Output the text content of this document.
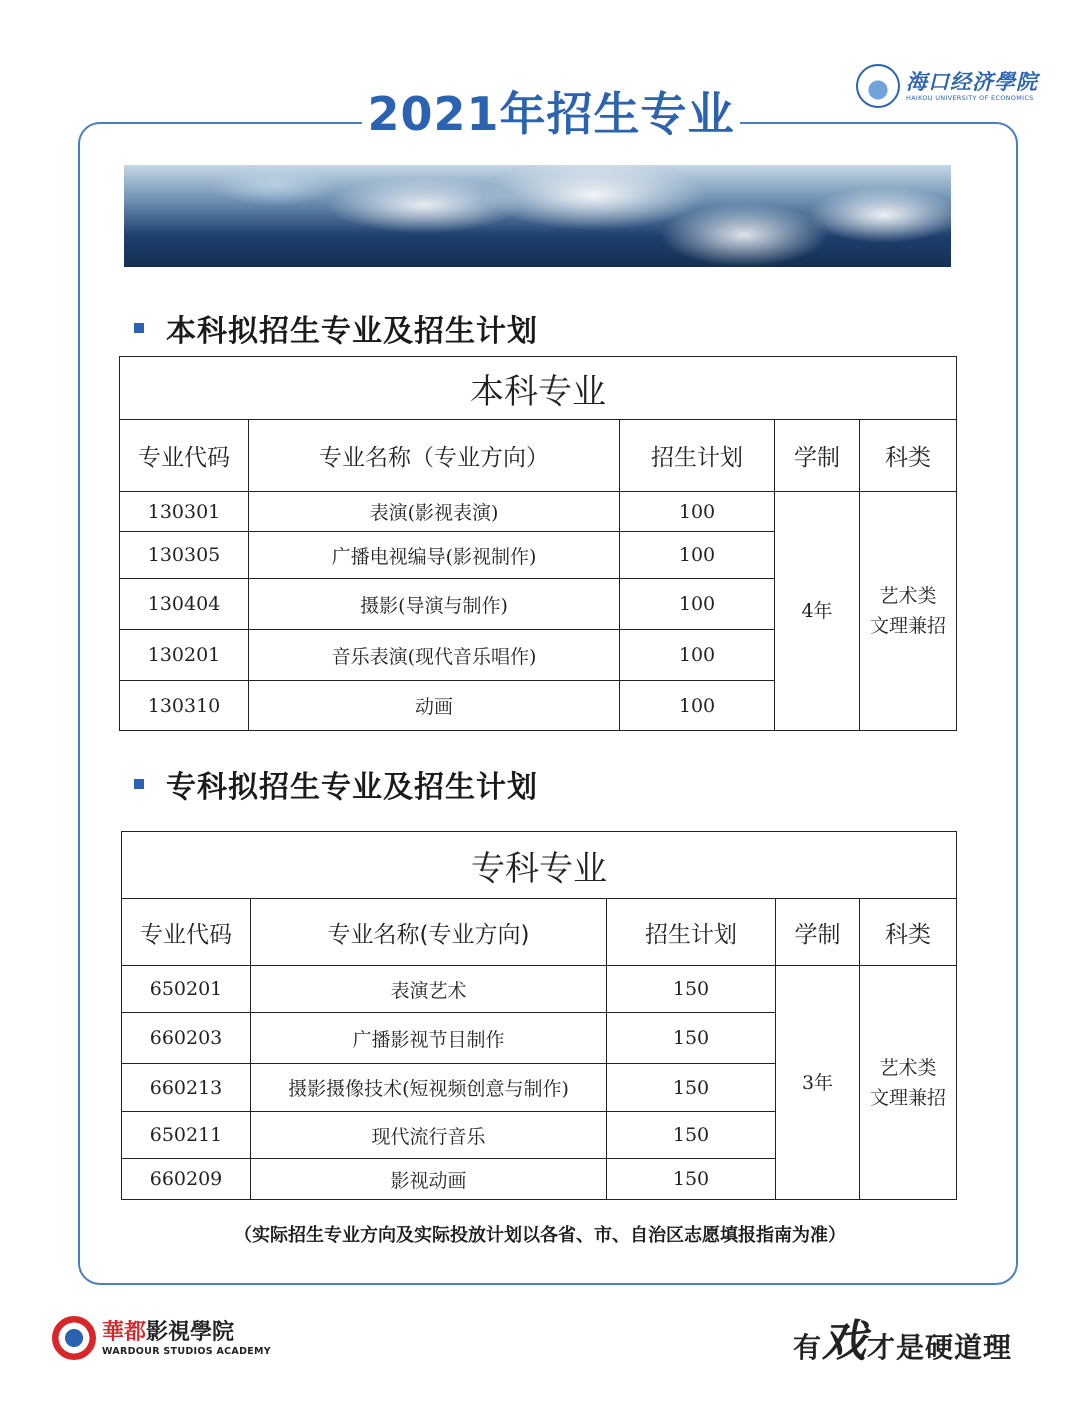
2021年招生专业
海口经济學院
HAIKOU UNIVERSITY OF ECONOMICS
本科拟招生专业及招生计划
本科专业				
专业代码	专业名称（专业方向）	招生计划	学制	科类
130301	表演(影视表演)	100	4年	艺术类
文理兼招

130305	广播电视编导(影视制作)	100		
130404	摄影(导演与制作)	100		
130201	音乐表演(现代音乐唱作)	100		
130310	动画	100		
专科拟招生专业及招生计划
专科专业				
专业代码	专业名称(专业方向)	招生计划	学制	科类
650201	表演艺术	150	3年	艺术类
文理兼招

660203	广播影视节目制作	150		
660213	摄影摄像技术(短视频创意与制作)	150		
650211	现代流行音乐	150		
660209	影视动画	150		
（实际招生专业方向及实际投放计划以各省、市、自治区志愿填报指南为准）
華都影視學院
WARDOUR STUDIOS ACADEMY	有 戏 才是硬道理
